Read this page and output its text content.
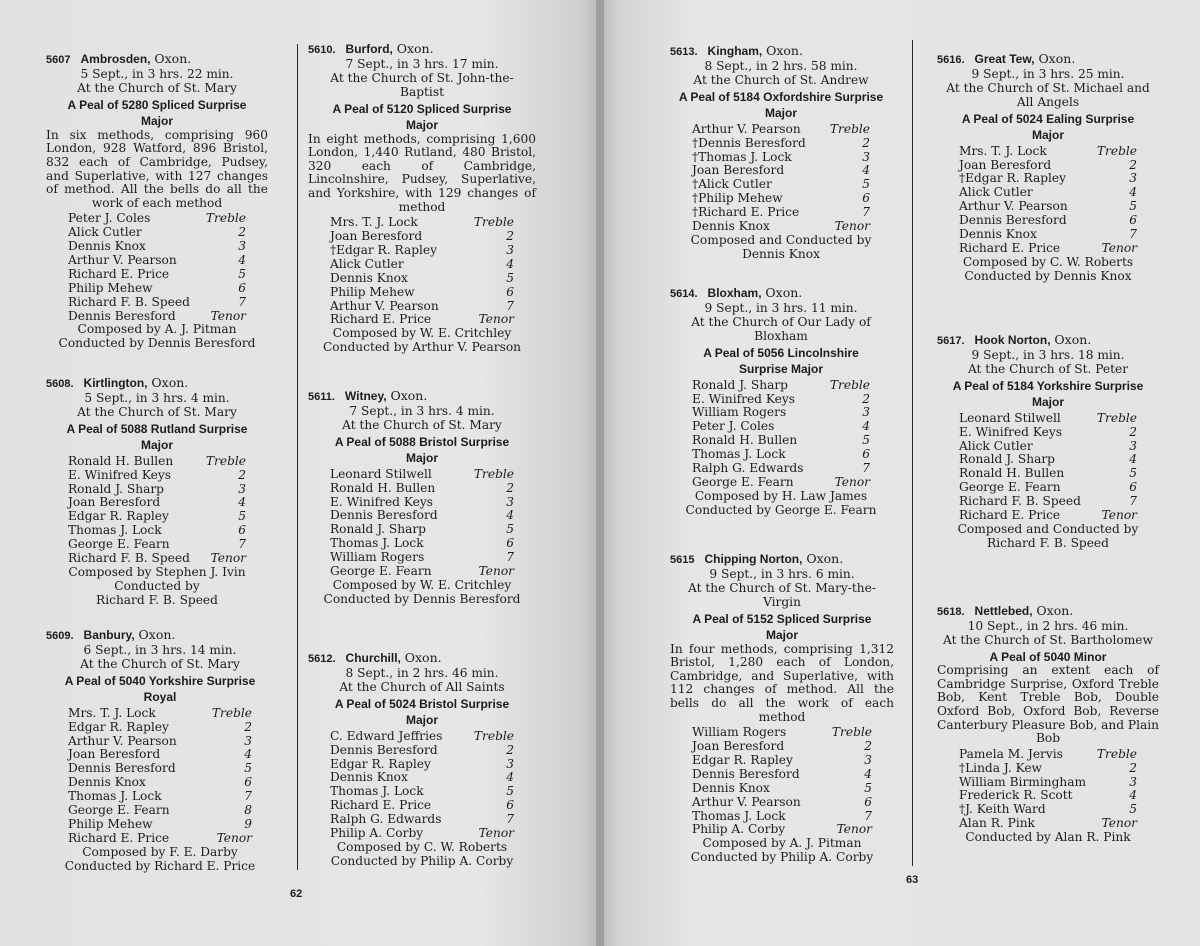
5607 Ambrosden, Oxon.
5 Sept., in 3 hrs. 22 min.
At the Church of St. Mary
A Peal of 5280 Spliced Surprise
Major
In six methods, comprising 960 London, 928 Watford, 896 Bristol, 832 each of Cambridge, Pudsey, and Superlative, with 127 changes of method. All the bells do all the work of each method
Peter J. Coles	Treble
Alick Cutler	2
Dennis Knox	3
Arthur V. Pearson	4
Richard E. Price	5
Philip Mehew	6
Richard F. B. Speed	7
Dennis Beresford	Tenor
Composed by A. J. Pitman
Conducted by Dennis Beresford
5608. Kirtlington, Oxon.
5 Sept., in 3 hrs. 4 min.
At the Church of St. Mary
A Peal of 5088 Rutland Surprise
Major
Ronald H. Bullen	Treble
E. Winifred Keys	2
Ronald J. Sharp	3
Joan Beresford	4
Edgar R. Rapley	5
Thomas J. Lock	6
George E. Fearn	7
Richard F. B. Speed Tenor
Composed by Stephen J. Ivin
Conducted by
Richard F. B. Speed
5609. Banbury, Oxon.
6 Sept., in 3 hrs. 14 min.
At the Church of St. Mary
A Peal of 5040 Yorkshire Surprise
Royal
Mrs. T. J. Lock	Treble
Edgar R. Rapley	2
Arthur V. Pearson	3
Joan Beresford	4
Dennis Beresford	5
Dennis Knox	6
Thomas J. Lock	7
George E. Fearn	8
Philip Mehew	9
Richard E. Price	Tenor
Composed by F. E. Darby
Conducted by Richard E. Price
5610. Burford, Oxon.
7 Sept., in 3 hrs. 17 min.
At the Church of St. John-the-
Baptist
A Peal of 5120 Spliced Surprise
Major
In eight methods, comprising 1,600 London, 1,440 Rutland, 480 Bristol, 320 each of Cambridge, Lincolnshire, Pudsey, Superlative, and Yorkshire, with 129 changes of method
Mrs. T. J. Lock	Treble
Joan Beresford	2
†Edgar R. Rapley	3
Alick Cutler	4
Dennis Knox	5
Philip Mehew	6
Arthur V. Pearson	7
Richard E. Price	Tenor
Composed by W. E. Critchley
Conducted by Arthur V. Pearson
5611. Witney, Oxon.
7 Sept., in 3 hrs. 4 min.
At the Church of St. Mary
A Peal of 5088 Bristol Surprise
Major
Leonard Stilwell	Treble
Ronald H. Bullen	2
E. Winifred Keys	3
Dennis Beresford	4
Ronald J. Sharp	5
Thomas J. Lock	6
William Rogers	7
George E. Fearn	Tenor
Composed by W. E. Critchley
Conducted by Dennis Beresford
5612. Churchill, Oxon.
8 Sept., in 2 hrs. 46 min.
At the Church of All Saints
A Peal of 5024 Bristol Surprise
Major
C. Edward Jeffries	Treble
Dennis Beresford	2
Edgar R. Rapley	3
Dennis Knox	4
Thomas J. Lock	5
Richard E. Price	6
Ralph G. Edwards	7
Philip A. Corby	Tenor
Composed by C. W. Roberts
Conducted by Philip A. Corby
5613. Kingham, Oxon.
8 Sept., in 2 hrs. 58 min.
At the Church of St. Andrew
A Peal of 5184 Oxfordshire Surprise
Major
Arthur V. Pearson Treble
†Dennis Beresford	2
†Thomas J. Lock	3
Joan Beresford	4
†Alick Cutler	5
†Philip Mehew	6
†Richard E. Price	7
Dennis Knox	Tenor
Composed and Conducted by
Dennis Knox
5614. Bloxham, Oxon.
9 Sept., in 3 hrs. 11 min.
At the Church of Our Lady of
Bloxham
A Peal of 5056 Lincolnshire
Surprise Major
Ronald J. Sharp	Treble
E. Winifred Keys	2
William Rogers	3
Peter J. Coles	4
Ronald H. Bullen	5
Thomas J. Lock	6
Ralph G. Edwards	7
George E. Fearn	Tenor
Composed by H. Law James
Conducted by George E. Fearn
5615 Chipping Norton, Oxon.
9 Sept., in 3 hrs. 6 min.
At the Church of St. Mary-the-
Virgin
A Peal of 5152 Spliced Surprise
Major
In four methods, comprising 1,312 Bristol, 1,280 each of London, Cambridge, and Superlative, with 112 changes of method. All the bells do all the work of each method
William Rogers	Treble
Joan Beresford	2
Edgar R. Rapley	3
Dennis Beresford	4
Dennis Knox	5
Arthur V. Pearson	6
Thomas J. Lock	7
Philip A. Corby	Tenor
Composed by A. J. Pitman
Conducted by Philip A. Corby
5616. Great Tew, Oxon.
9 Sept., in 3 hrs. 25 min.
At the Church of St. Michael and
All Angels
A Peal of 5024 Ealing Surprise
Major
Mrs. T. J. Lock	Treble
Joan Beresford	2
†Edgar R. Rapley	3
Alick Cutler	4
Arthur V. Pearson	5
Dennis Beresford	6
Dennis Knox	7
Richard E. Price	Tenor
Composed by C. W. Roberts
Conducted by Dennis Knox
5617. Hook Norton, Oxon.
9 Sept., in 3 hrs. 18 min.
At the Church of St. Peter
A Peal of 5184 Yorkshire Surprise
Major
Leonard Stilwell	Treble
E. Winifred Keys	2
Alick Cutler	3
Ronald J. Sharp	4
Ronald H. Bullen	5
George E. Fearn	6
Richard F. B. Speed	7
Richard E. Price	Tenor
Composed and Conducted by
Richard F. B. Speed
5618. Nettlebed, Oxon.
10 Sept., in 2 hrs. 46 min.
At the Church of St. Bartholomew
A Peal of 5040 Minor
Comprising an extent each of Cambridge Surprise, Oxford Treble Bob, Kent Treble Bob, Double Oxford Bob, Oxford Bob, Reverse Canterbury Pleasure Bob, and Plain Bob
Pamela M. Jervis	Treble
†Linda J. Kew	2
William Birmingham	3
Frederick R. Scott	4
†J. Keith Ward	5
Alan R. Pink	Tenor
Conducted by Alan R. Pink
62
63
